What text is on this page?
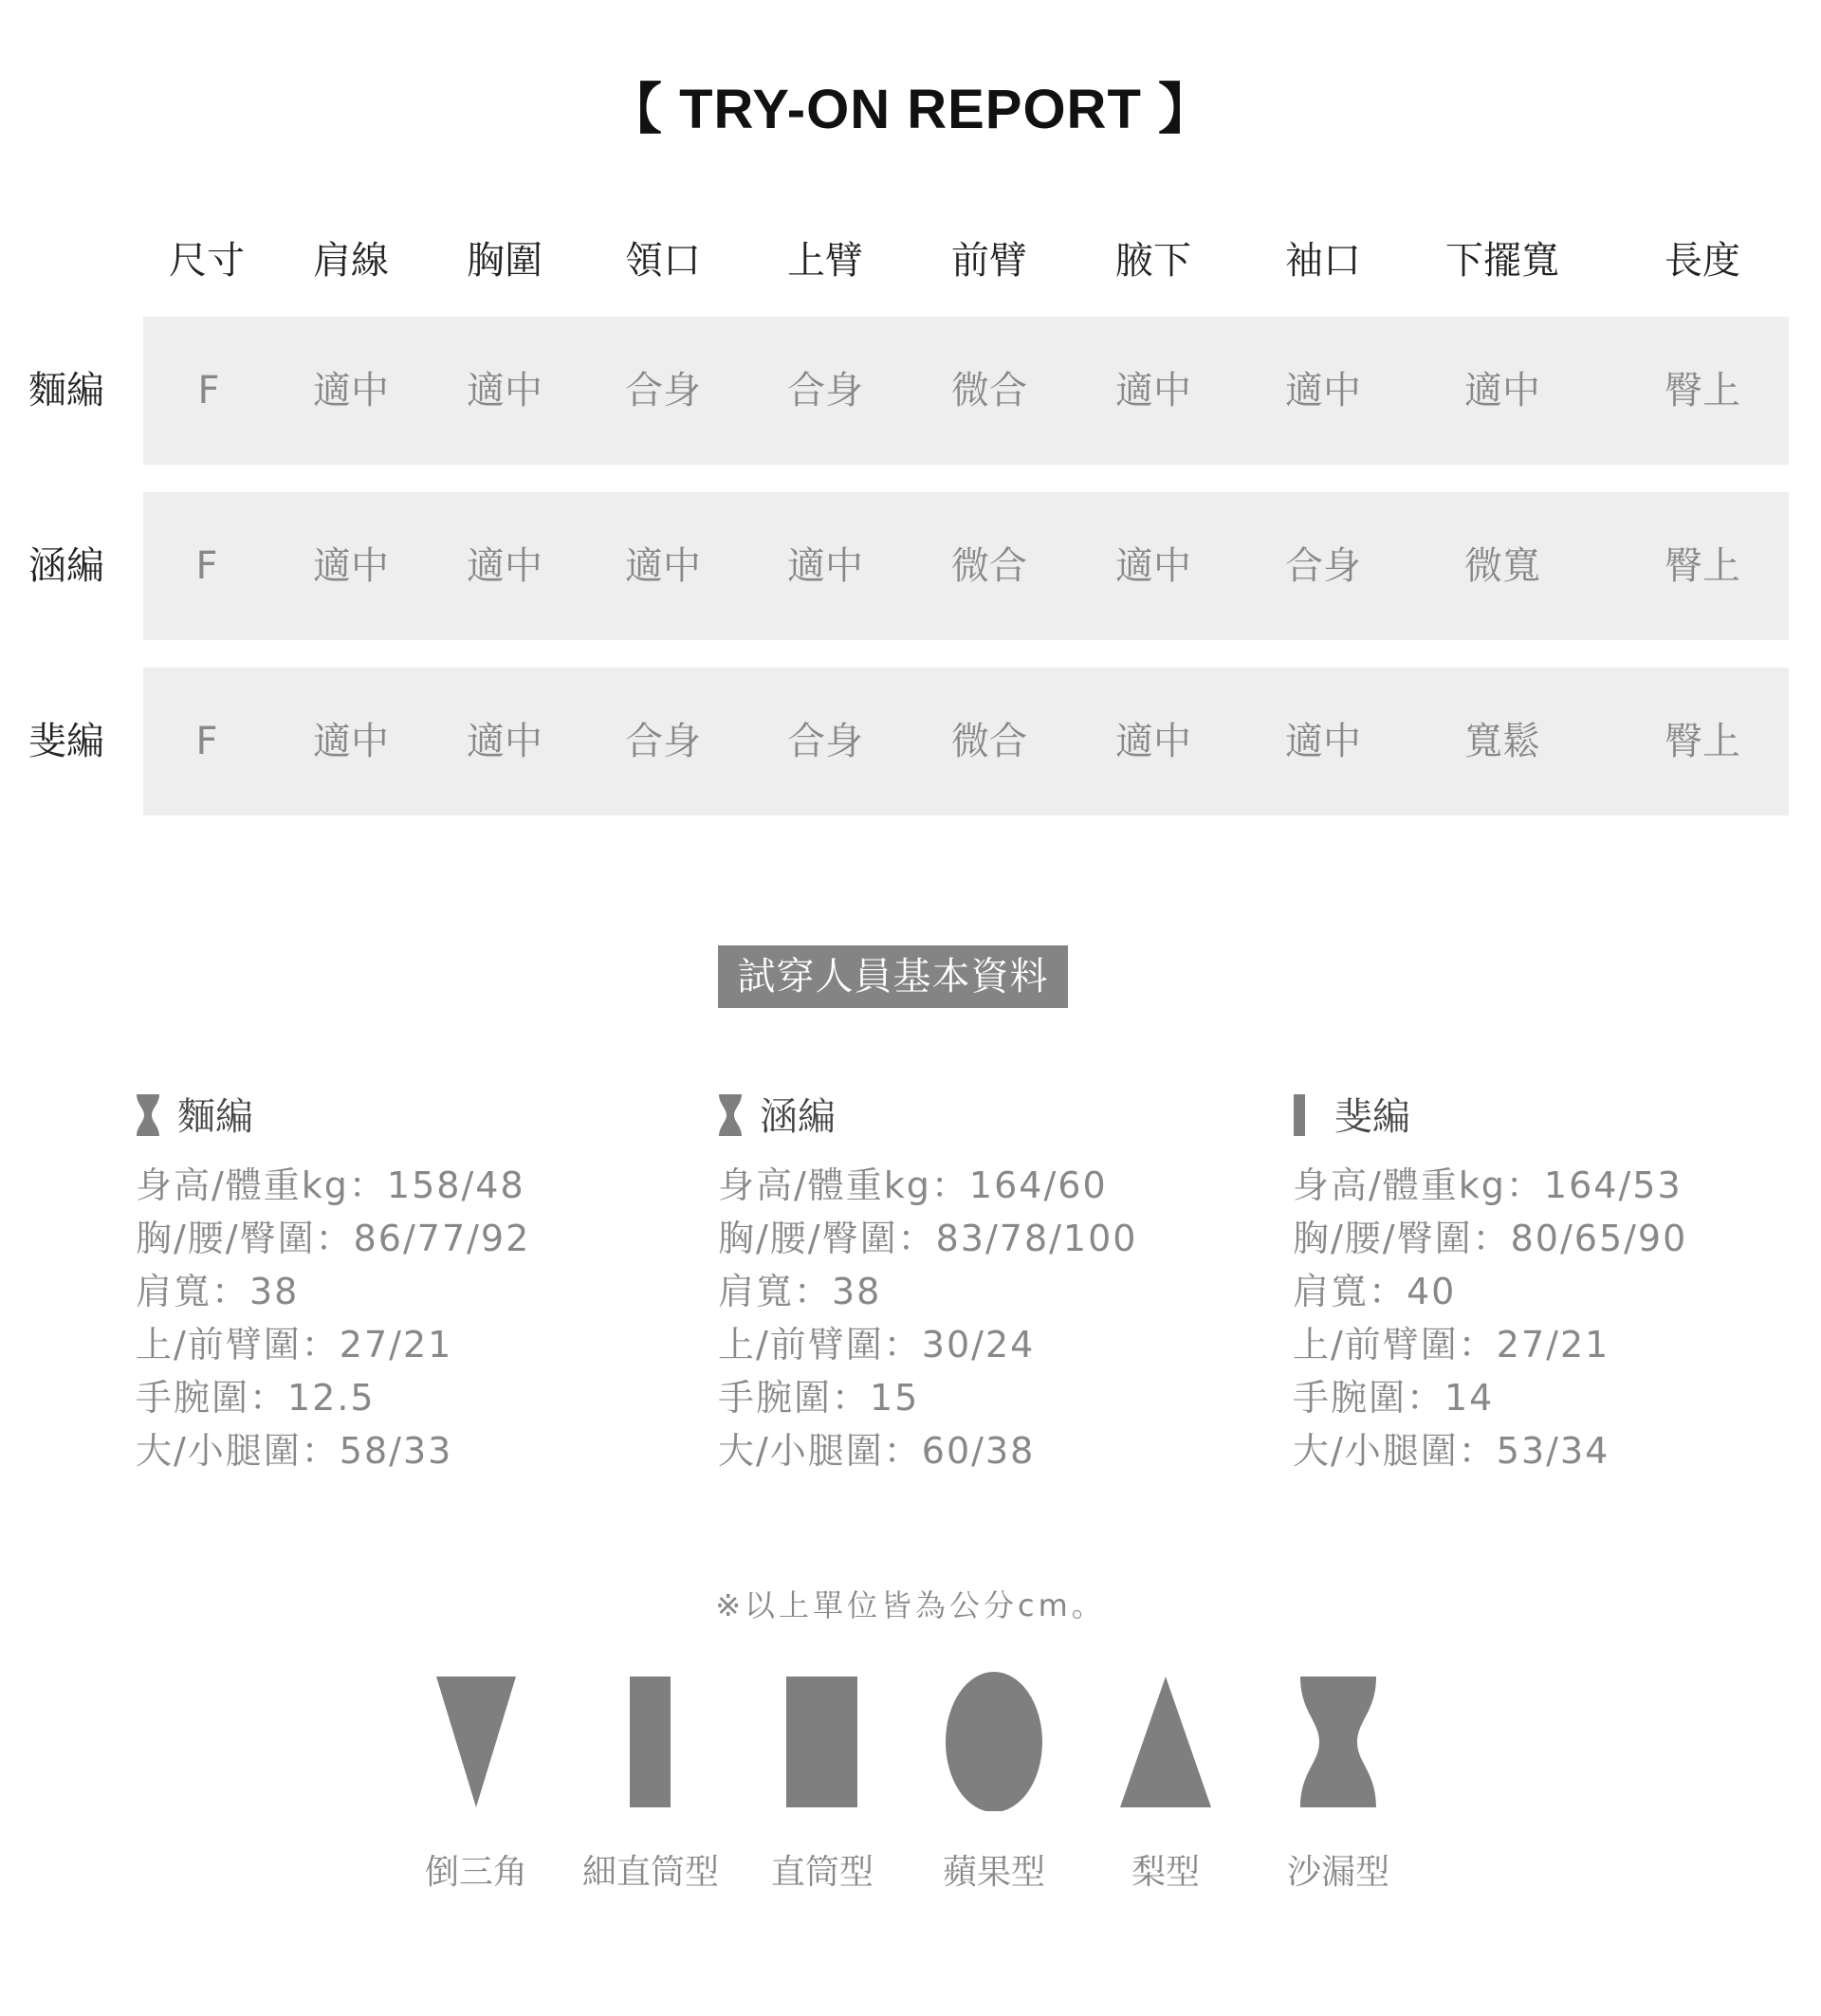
【 TRY-ON REPORT 】
尺寸 肩線 胸圍 領口 上臂 前臂 腋下 袖口 下擺寬	長度
麵編 F 適中 適中 合身 合身 微合 適中 適中	適中	臀上
涵編 F	適中 適中 適中 適中 微合 適中 合身	微寬	臀上
斐編 F	適中 適中 合身 合身 微合 適中 適中	寬鬆	臀上
試穿人員基本資料
麵編
身高/體重kg：158/48
胸/腰/臀圍：86/77/92
肩寬：38
上/前臂圍：27/21
手腕圍：12.5
大/小腿圍：58/33
涵編
身高/體重kg：164/60
胸/腰/臀圍：83/78/100
肩寬：38
上/前臂圍：30/24
手腕圍：15
大/小腿圍：60/38
斐編
身高/體重kg：164/53
胸/腰/臀圍：80/65/90
肩寬：40
上/前臂圍：27/21
手腕圍：14
大/小腿圍：53/34
※以上單位皆為公分cm。
倒三角	細直筒型	直筒型	蘋果型	梨型	沙漏型
